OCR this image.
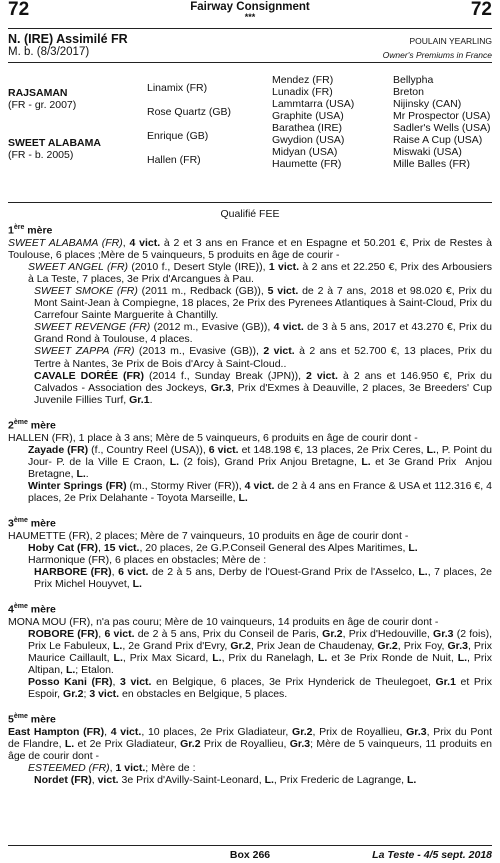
72	72
Fairway Consignment
***
N. (IRE) Assimilé FR
M. b. (8/3/2017)
POULAIN YEARLING
Owner's Premiums in France
RAJSAMAN
(FR - gr. 2007)
SWEET ALABAMA
(FR - b. 2005)
Linamix (FR)
Rose Quartz (GB)
Enrique (GB)
Hallen (FR)
Mendez (FR)
Lunadix (FR)
Lammtarra (USA)
Graphite (USA)
Barathea (IRE)
Gwydion (USA)
Midyan (USA)
Haumette (FR)
Bellypha
Breton
Nijinsky (CAN)
Mr Prospector (USA)
Sadler's Wells (USA)
Raise A Cup (USA)
Miswaki (USA)
Mille Balles (FR)
Qualifié FEE

1ère mère

SWEET ALABAMA (FR), 4 vict. à 2 et 3 ans en France et en Espagne et 50.201 €, Prix de Restes à Toulouse, 6 places ;Mère de 5 vainqueurs, 5 produits en âge de courir -

SWEET ANGEL (FR) (2010 f., Desert Style (IRE)), 1 vict. à 2 ans et 22.250 €, Prix des Arbousiers à La Teste, 7 places, 3e Prix d'Arcangues à Pau.

SWEET SMOKE (FR) (2011 m., Redback (GB)), 5 vict. de 2 à 7 ans, 2018 et 98.020 €, Prix du Mont Saint-Jean à Compiegne, 18 places, 2e Prix des Pyrenees Atlantiques à Saint-Cloud, Prix du Carrefour Sainte Marguerite à Chantilly.

SWEET REVENGE (FR) (2012 m., Evasive (GB)), 4 vict. de 3 à 5 ans, 2017 et 43.270 €, Prix du Grand Rond à Toulouse, 4 places.

SWEET ZAPPA (FR) (2013 m., Evasive (GB)), 2 vict. à 2 ans et 52.700 €, 13 places, Prix du Tertre à Nantes, 3e Prix de Bois d'Arcy à Saint-Cloud..

CAVALE DORÉE (FR) (2014 f., Sunday Break (JPN)), 2 vict. à 2 ans et 146.950 €, Prix du Calvados - Association des Jockeys, Gr.3, Prix d'Exmes à Deauville, 2 places, 3e Breeders' Cup Juvenile Fillies Turf, Gr.1.

2ème mère

HALLEN (FR), 1 place à 3 ans; Mère de 5 vainqueurs, 6 produits en âge de courir dont -

Zayade (FR) (f., Country Reel (USA)), 6 vict. et 148.198 €, 13 places, 2e Prix Ceres, L., P. Point du Jour- P. de la Ville E Craon, L. (2 fois), Grand Prix Anjou Bretagne, L. et 3e Grand Prix  Anjou Bretagne, L..

Winter Springs (FR) (m., Stormy River (FR)), 4 vict. de 2 à 4 ans en France & USA et 112.316 €, 4 places, 2e Prix Delahante - Toyota Marseille, L.

3ème mère

HAUMETTE (FR), 2 places; Mère de 7 vainqueurs, 10 produits en âge de courir dont -

Hoby Cat (FR), 15 vict., 20 places, 2e G.P.Conseil General des Alpes Maritimes, L.

Harmonique (FR), 6 places en obstacles; Mère de :

HARBORE (FR), 6 vict. de 2 à 5 ans, Derby de l'Ouest-Grand Prix de l'Asselco, L., 7 places, 2e Prix Michel Houyvet, L.

4ème mère

MONA MOU (FR), n'a pas couru; Mère de 10 vainqueurs, 14 produits en âge de courir dont -

ROBORE (FR), 6 vict. de 2 à 5 ans, Prix du Conseil de Paris, Gr.2, Prix d'Hedouville, Gr.3 (2 fois), Prix Le Fabuleux, L., 2e Grand Prix d'Evry, Gr.2, Prix Jean de Chaudenay, Gr.2, Prix Foy, Gr.3, Prix Maurice Caillault, L., Prix Max Sicard, L., Prix du Ranelagh, L. et 3e Prix Ronde de Nuit, L., Prix Altipan, L.; Etalon.

Posso Kani (FR), 3 vict. en Belgique, 6 places, 3e Prix Hynderick de Theulegoet, Gr.1 et Prix Espoir, Gr.2; 3 vict. en obstacles en Belgique, 5 places.

5ème mère

East Hampton (FR), 4 vict., 10 places, 2e Prix Gladiateur, Gr.2, Prix de Royallieu, Gr.3, Prix du Pont de Flandre, L. et 2e Prix Gladiateur, Gr.2 Prix de Royallieu, Gr.3; Mère de 5 vainqueurs, 11 produits en âge de courir dont -

ESTEEMED (FR), 1 vict.; Mère de :

Nordet (FR), vict. 3e Prix d'Avilly-Saint-Leonard, L., Prix Frederic de Lagrange, L.

Box 266	La Teste - 4/5 sept. 2018
